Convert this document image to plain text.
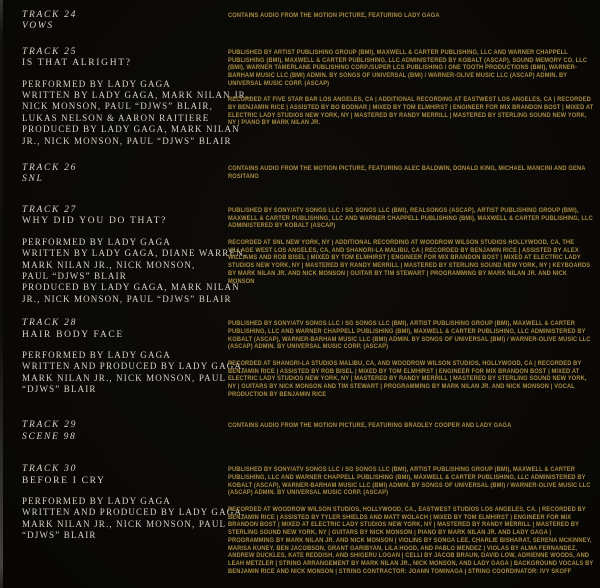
TRACK 24
VOWS

CONTAINS AUDIO FROM THE MOTION PICTURE, FEATURING LADY GAGA

TRACK 25
IS THAT ALRIGHT?
PERFORMED BY LADY GAGA
WRITTEN BY LADY GAGA, MARK NILAN JR.,
NICK MONSON, PAUL “DJWS” BLAIR,
LUKAS NELSON & AARON RAITIERE
PRODUCED BY LADY GAGA, MARK NILAN
JR., NICK MONSON, PAUL “DJWS” BLAIR

PUBLISHED BY ARTIST PUBLISHING GROUP (BMI), MAXWELL & CARTER PUBLISHING, LLC AND WARNER CHAPPELL PUBLISHING (BMI), MAXWELL & CARTER PUBLISHING, LLC ADMINISTERED BY KOBALT (ASCAP), SOUND MEMORY CO. LLC (BMI), WARNER TAMERLANE PUBLISHING CORP./SUPER LCS PUBLISHING / ONE TOOTH PRODUCTIONS (BMI), WARNER-BARHAM MUSIC LLC (BMI) ADMIN. BY SONGS OF UNIVERSAL (BMI) / WARNER-OLIVE MUSIC LLC (ASCAP) ADMIN. BY UNIVERSAL MUSIC CORP. (ASCAP)

RECORDED AT FIVE STAR BAR LOS ANGELES, CA | ADDITIONAL RECORDING AT EASTWEST LOS ANGELES, CA | RECORDED BY BENJAMIN RICE | ASSISTED BY BO BODNAR | MIXED BY TOM ELMHIRST | ENGINEER FOR MIX BRANDON BOST | MIXED AT ELECTRIC LADY STUDIOS NEW YORK, NY | MASTERED BY RANDY MERRILL | MASTERED BY STERLING SOUND NEW YORK, NY | PIANO BY MARK NILAN JR.

TRACK 26
SNL

CONTAINS AUDIO FROM THE MOTION PICTURE, FEATURING ALEC BALDWIN, DONALD KING, MICHAEL MANCINI AND GENA ROSITANO

TRACK 27
WHY DID YOU DO THAT?
PERFORMED BY LADY GAGA
WRITTEN BY LADY GAGA, DIANE WARREN,
MARK NILAN JR., NICK MONSON,
PAUL “DJWS” BLAIR
PRODUCED BY LADY GAGA, MARK NILAN
JR., NICK MONSON, PAUL “DJWS” BLAIR

PUBLISHED BY SONY/ATV SONGS LLC / SG SONGS LLC (BMI), REALSONGS (ASCAP), ARTIST PUBLISHING GROUP (BMI), MAXWELL & CARTER PUBLISHING, LLC AND WARNER CHAPPELL PUBLISHING (BMI), MAXWELL & CARTER PUBLISHING, LLC ADMINISTERED BY KOBALT (ASCAP)

RECORDED AT SNL NEW YORK, NY | ADDITIONAL RECORDING AT WOODROW WILSON STUDIOS HOLLYWOOD, CA, THE VILLAGE WEST LOS ANGELES, CA, AND SHANGRI-LA MALIBU, CA | RECORDED BY BENJAMIN RICE | ASSISTED BY ALEX WILLIAMS AND ROB BISEL | MIXED BY TOM ELMHIRST | ENGINEER FOR MIX BRANDON BOST | MIXED AT ELECTRIC LADY STUDIOS NEW YORK, NY | MASTERED BY RANDY MERRILL | MASTERED BY STERLING SOUND NEW YORK, NY | KEYBOARDS BY MARK NILAN JR. AND NICK MONSON | GUITAR BY TIM STEWART | PROGRAMMING BY MARK NILAN JR. AND NICK MONSON

TRACK 28
HAIR BODY FACE
PERFORMED BY LADY GAGA
WRITTEN AND PRODUCED BY LADY GAGA,
MARK NILAN JR., NICK MONSON, PAUL
“DJWS” BLAIR

PUBLISHED BY SONY/ATV SONGS LLC / SG SONGS LLC (BMI), ARTIST PUBLISHING GROUP (BMI), MAXWELL & CARTER PUBLISHING, LLC AND WARNER CHAPPELL PUBLISHING (BMI), MAXWELL & CARTER PUBLISHING, LLC ADMINISTERED BY KOBALT (ASCAP), WARNER-BARHAM MUSIC LLC (BMI) ADMIN. BY SONGS OF UNIVERSAL (BMI) / WARNER-OLIVE MUSIC LLC (ASCAP) ADMIN. BY UNIVERSAL MUSIC CORP. (ASCAP)

RECORDED AT SHANGRI-LA STUDIOS MALIBU, CA, AND WOODROW WILSON STUDIOS, HOLLYWOOD, CA | RECORDED BY BENJAMIN RICE | ASSISTED BY ROB BISEL | MIXED BY TOM ELMHIRST | ENGINEER FOR MIX BRANDON BOST | MIXED AT ELECTRIC LADY STUDIOS NEW YORK, NY | MASTERED BY RANDY MERRILL | MASTERED BY STERLING SOUND NEW YORK, NY | GUITARS BY NICK MONSON AND TIM STEWART | PROGRAMMING BY MARK NILAN JR. AND NICK MONSON | VOCAL PRODUCTION BY BENJAMIN RICE

TRACK 29
SCENE 98

CONTAINS AUDIO FROM THE MOTION PICTURE, FEATURING BRADLEY COOPER AND LADY GAGA

TRACK 30
BEFORE I CRY
PERFORMED BY LADY GAGA
WRITTEN AND PRODUCED BY LADY GAGA,
MARK NILAN JR., NICK MONSON, PAUL
“DJWS” BLAIR

PUBLISHED BY SONY/ATV SONGS LLC / SG SONGS LLC (BMI), ARTIST PUBLISHING GROUP (BMI), MAXWELL & CARTER PUBLISHING, LLC AND WARNER CHAPPELL PUBLISHING (BMI), MAXWELL & CARTER PUBLISHING, LLC ADMINISTERED BY KOBALT (ASCAP), WARNER-BARHAM MUSIC LLC (BMI) ADMIN. BY SONGS OF UNIVERSAL (BMI) / WARNER-OLIVE MUSIC LLC (ASCAP) ADMIN. BY UNIVERSAL MUSIC CORP. (ASCAP)

RECORDED AT WOODROW WILSON STUDIOS, HOLLYWOOD, CA., EASTWEST STUDIOS LOS ANGELES, CA. | RECORDED BY BENJAMIN RICE | ASSISTED BY TYLER SHIELDS AND MATT WOLACH | MIXED BY TOM ELMHIRST | ENGINEER FOR MIX BRANDON BOST | MIXED AT ELECTRIC LADY STUDIOS NEW YORK, NY | MASTERED BY RANDY MERRILL | MASTERED BY STERLING SOUND NEW YORK, NY | GUITARS BY NICK MONSON | PIANO BY MARK NILAN JR. AND LADY GAGA | PROGRAMMING BY MARK NILAN JR. AND NICK MONSON | VIOLINS BY SONGA LEE, CHARLIE BISHARAT, SERENA MCKINNEY, MARISA KUNEY, BEN JACOBSON, GRANT GARIBYAN, LILA HOOD, AND PABLO MENDEZ | VIOLAS BY ALMA FERNANDEZ, ANDREW DUCKLES, KATE REDDISH, AND SHIGERU LOGAN | CELLI BY JACOB BRAUN, DAVID LOW, ADRIENNE WOODS, AND LEAH METZLER | STRING ARRANGEMENT BY MARK NILAN JR., NICK MONSON, AND LADY GAGA | BACKGROUND VOCALS BY BENJAMIN RICE AND NICK MONSON | STRING CONTRACTOR: JOANN TOMINAGA | STRING COORDINATOR: IVY SKOFF
